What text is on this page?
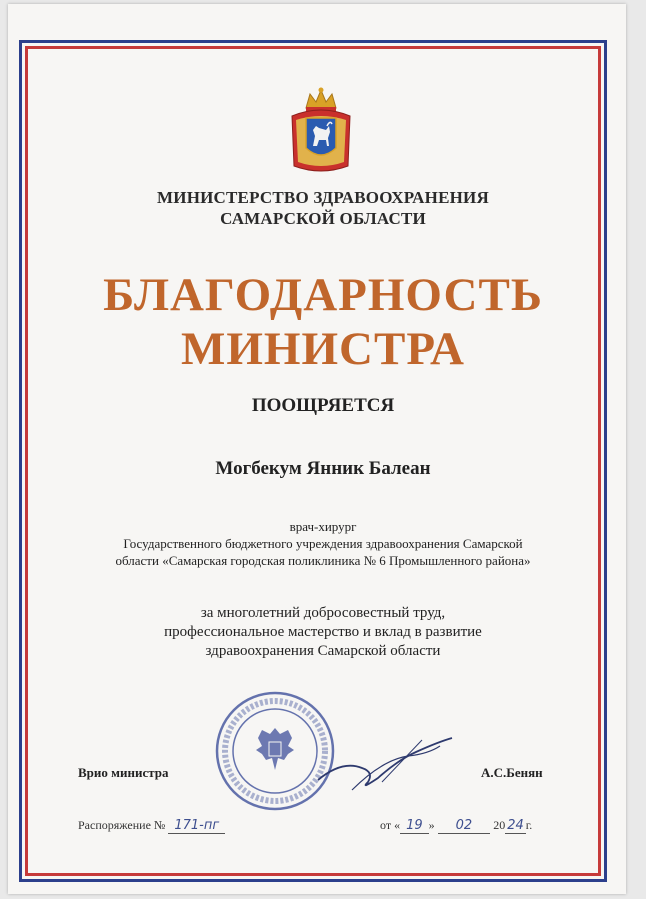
МИНИСТЕРСТВО ЗДРАВООХРАНЕНИЯ
САМАРСКОЙ ОБЛАСТИ
БЛАГОДАРНОСТЬ
МИНИСТРА
ПООЩРЯЕТСЯ
Могбекум Янник Балеан
врач-хирург
Государственного бюджетного учреждения здравоохранения Самарской
области «Самарская городская поликлиника № 6 Промышленного района»
за многолетний добросовестный труд,
профессиональное мастерство и вклад в развитие
здравоохранения Самарской области
Врио министра	А.С.Бенян
Распоряжение № 171-пг	от « 19 » 02 20 24 г.
